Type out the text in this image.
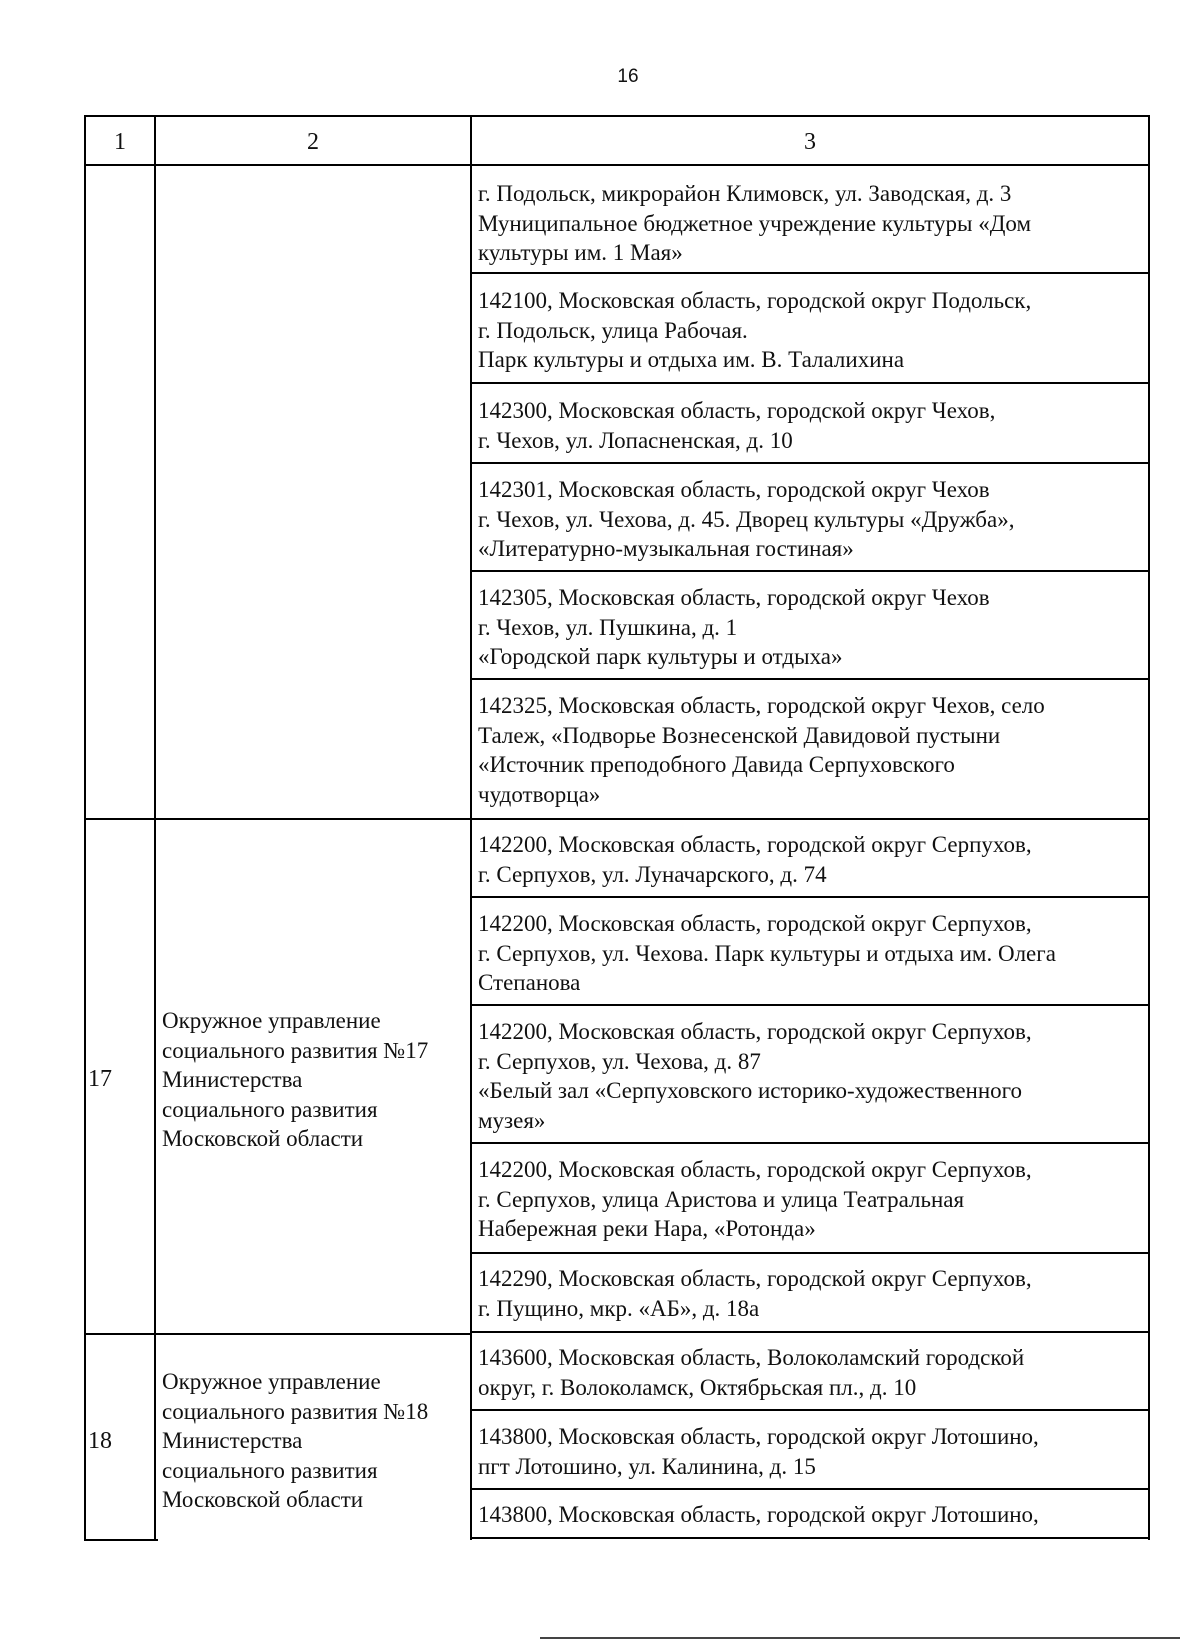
16
1	2	3
г. Подольск, микрорайон Климовск, ул. Заводская, д. 3
Муниципальное бюджетное учреждение культуры «Дом
культуры им. 1 Мая»
142100, Московская область, городской округ Подольск,
г. Подольск, улица Рабочая.
Парк культуры и отдыха им. В. Талалихина
142300, Московская область, городской округ Чехов,
г. Чехов, ул. Лопасненская, д. 10
142301, Московская область, городской округ Чехов
г. Чехов, ул. Чехова, д. 45. Дворец культуры «Дружба»,
«Литературно-музыкальная гостиная»
142305, Московская область, городской округ Чехов
г. Чехов, ул. Пушкина, д. 1
«Городской парк культуры и отдыха»
142325, Московская область, городской округ Чехов, село
Талеж, «Подворье Вознесенской Давидовой пустыни
«Источник преподобного Давида Серпуховского
чудотворца»
17
Окружное управление
социального развития №17
Министерства
социального развития
Московской области
142200, Московская область, городской округ Серпухов,
г. Серпухов, ул. Луначарского, д. 74
142200, Московская область, городской округ Серпухов,
г. Серпухов, ул. Чехова. Парк культуры и отдыха им. Олега
Степанова
142200, Московская область, городской округ Серпухов,
г. Серпухов, ул. Чехова, д. 87
«Белый зал «Серпуховского историко-художественного
музея»
142200, Московская область, городской округ Серпухов,
г. Серпухов, улица Аристова и улица Театральная
Набережная реки Нара, «Ротонда»
142290, Московская область, городской округ Серпухов,
г. Пущино, мкр. «АБ», д. 18а
18
Окружное управление
социального развития №18
Министерства
социального развития
Московской области
143600, Московская область, Волоколамский городской
округ, г. Волоколамск, Октябрьская пл., д. 10
143800, Московская область, городской округ Лотошино,
пгт Лотошино, ул. Калинина, д. 15
143800, Московская область, городской округ Лотошино,
